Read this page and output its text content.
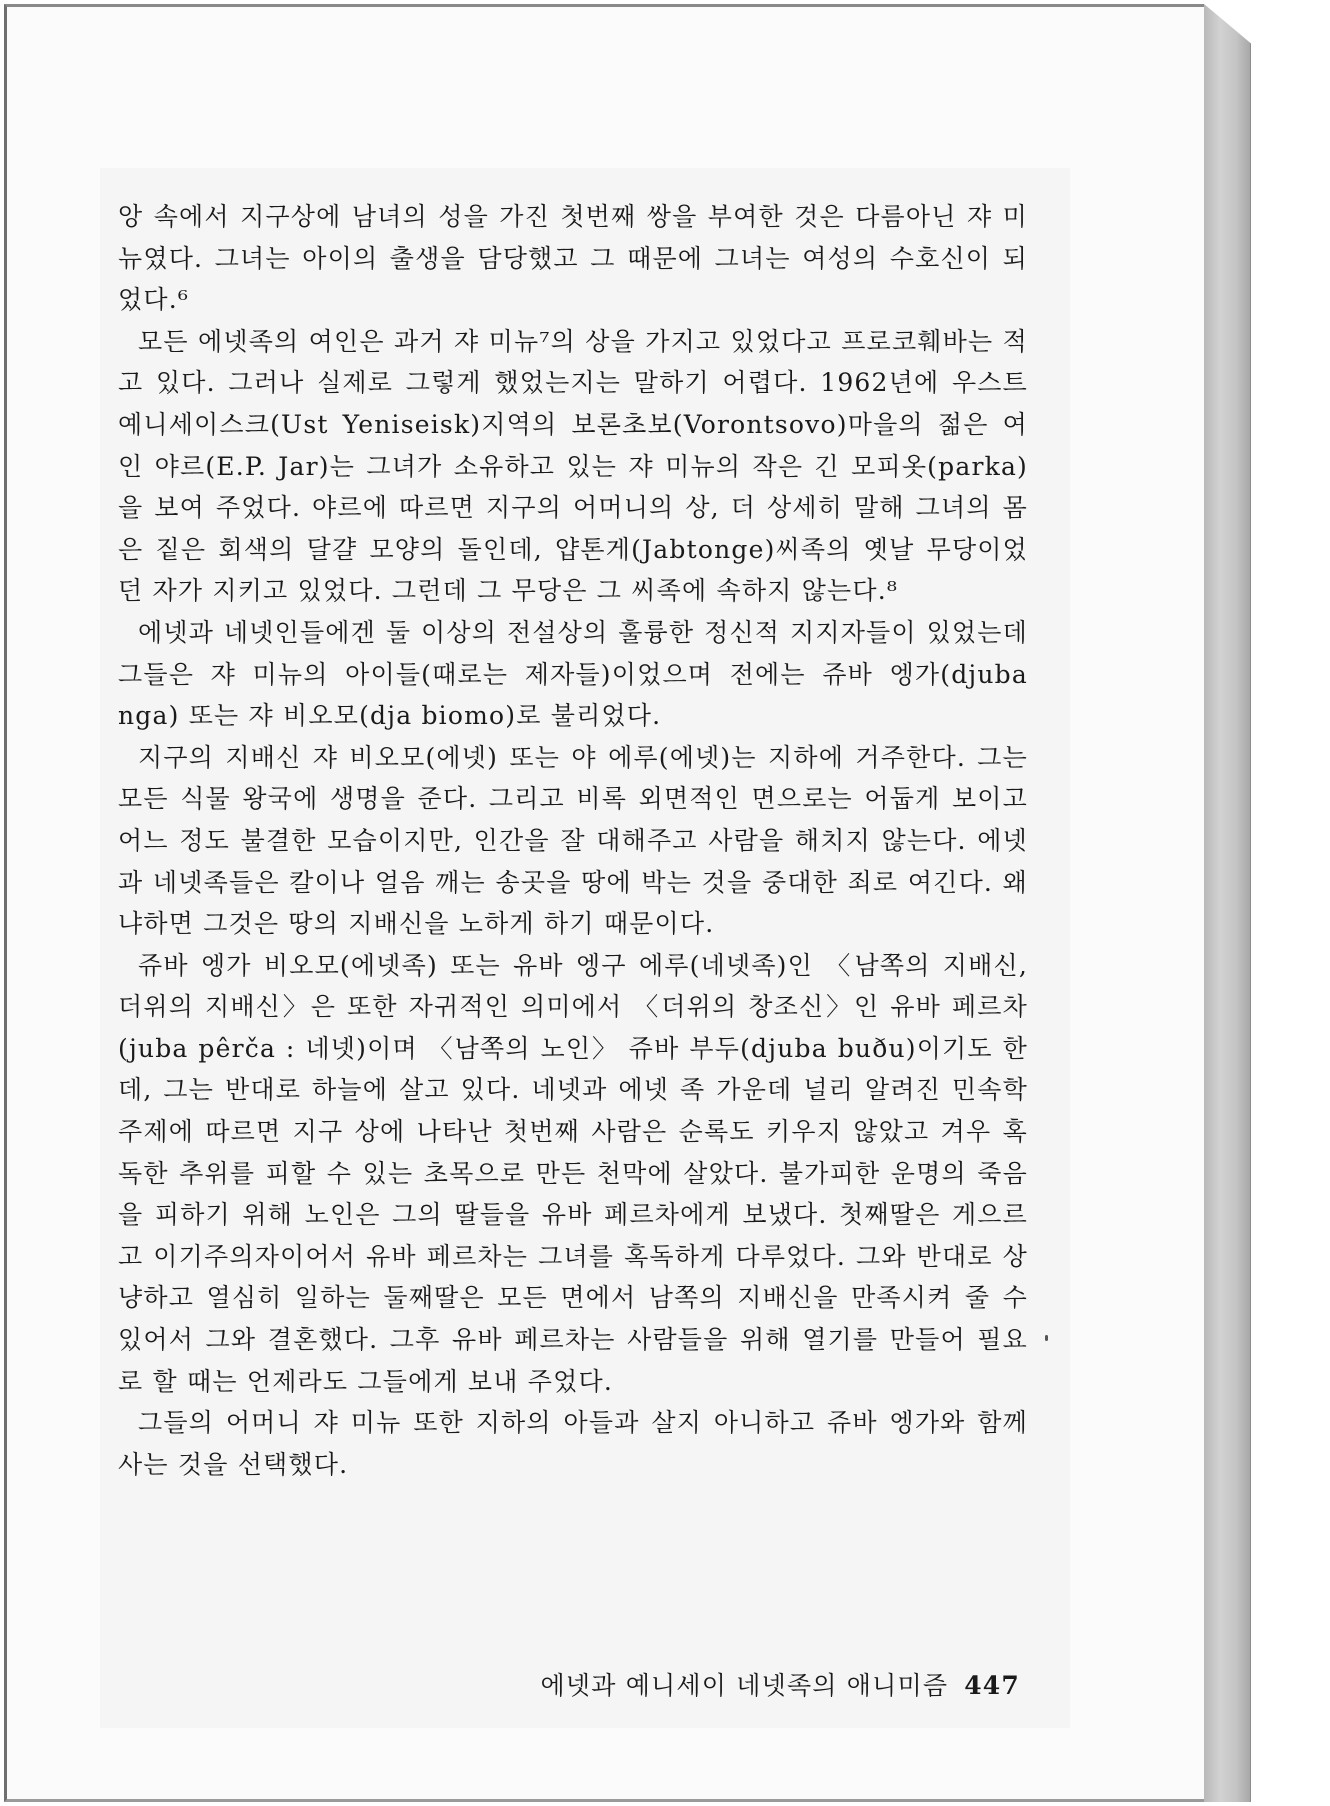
앙 속에서 지구상에 남녀의 성을 가진 첫번째 쌍을 부여한 것은 다름아닌 쟈 미뉴였다. 그녀는 아이의 출생을 담당했고 그 때문에 그녀는 여성의 수호신이 되었다.⁶

모든 에넷족의 여인은 과거 쟈 미뉴⁷의 상을 가지고 있었다고 프로코훼바는 적고 있다. 그러나 실제로 그렇게 했었는지는 말하기 어렵다. 1962년에 우스트 예니세이스크(Ust Yeniseisk)지역의 보론초보(Vorontsovo)마을의 젊은 여인 야르(E.P. Jar)는 그녀가 소유하고 있는 쟈 미뉴의 작은 긴 모피옷(parka)을 보여 주었다. 야르에 따르면 지구의 어머니의 상, 더 상세히 말해 그녀의 몸은 짙은 회색의 달걀 모양의 돌인데, 얍톤게(Jabtonge)씨족의 옛날 무당이었던 자가 지키고 있었다. 그런데 그 무당은 그 씨족에 속하지 않는다.⁸

에넷과 네넷인들에겐 둘 이상의 전설상의 훌륭한 정신적 지지자들이 있었는데 그들은 쟈 미뉴의 아이들(때로는 제자들)이었으며 전에는 쥬바 엥가(djuba nga) 또는 쟈 비오모(dja biomo)로 불리었다.

지구의 지배신 쟈 비오모(에넷) 또는 야 에루(에넷)는 지하에 거주한다. 그는 모든 식물 왕국에 생명을 준다. 그리고 비록 외면적인 면으로는 어둡게 보이고 어느 정도 불결한 모습이지만, 인간을 잘 대해주고 사람을 해치지 않는다. 에넷과 네넷족들은 칼이나 얼음 깨는 송곳을 땅에 박는 것을 중대한 죄로 여긴다. 왜냐하면 그것은 땅의 지배신을 노하게 하기 때문이다.

쥬바 엥가 비오모(에넷족) 또는 유바 엥구 에루(네넷족)인 〈남쪽의 지배신, 더위의 지배신〉은 또한 자귀적인 의미에서 〈더위의 창조신〉인 유바 페르차(juba pêrča : 네넷)이며 〈남쪽의 노인〉 쥬바 부두(djuba buðu)이기도 한데, 그는 반대로 하늘에 살고 있다. 네넷과 에넷 족 가운데 널리 알려진 민속학 주제에 따르면 지구 상에 나타난 첫번째 사람은 순록도 키우지 않았고 겨우 혹독한 추위를 피할 수 있는 초목으로 만든 천막에 살았다. 불가피한 운명의 죽음을 피하기 위해 노인은 그의 딸들을 유바 페르차에게 보냈다. 첫째딸은 게으르고 이기주의자이어서 유바 페르차는 그녀를 혹독하게 다루었다. 그와 반대로 상냥하고 열심히 일하는 둘째딸은 모든 면에서 남쪽의 지배신을 만족시켜 줄 수 있어서 그와 결혼했다. 그후 유바 페르차는 사람들을 위해 열기를 만들어 필요로 할 때는 언제라도 그들에게 보내 주었다.

그들의 어머니 쟈 미뉴 또한 지하의 아들과 살지 아니하고 쥬바 엥가와 함께 사는 것을 선택했다.

에넷과 예니세이 네넷족의 애니미즘 447
